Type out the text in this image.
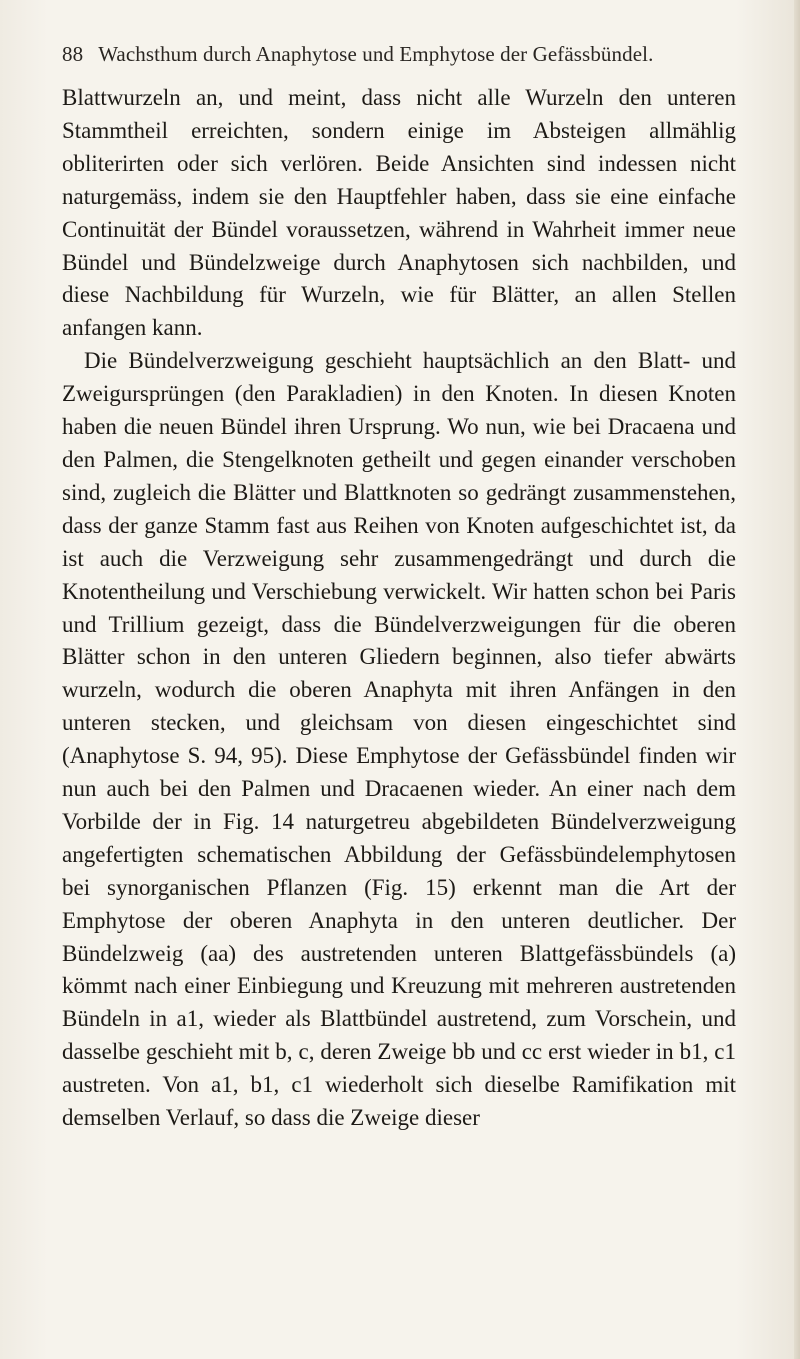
88 Wachsthum durch Anaphytose und Emphytose der Gefässbündel.

Blattwurzeln an, und meint, dass nicht alle Wurzeln den unteren Stammtheil erreichten, sondern einige im Absteigen allmählig obliterirten oder sich verlören. Beide Ansichten sind indessen nicht naturgemäss, indem sie den Hauptfehler haben, dass sie eine einfache Continuität der Bündel voraussetzen, während in Wahrheit immer neue Bündel und Bündelzweige durch Anaphytosen sich nachbilden, und diese Nachbildung für Wurzeln, wie für Blätter, an allen Stellen anfangen kann.

Die Bündelverzweigung geschieht hauptsächlich an den Blatt- und Zweigursprüngen (den Parakladien) in den Knoten. In diesen Knoten haben die neuen Bündel ihren Ursprung. Wo nun, wie bei Dracaena und den Palmen, die Stengelknoten getheilt und gegen einander verschoben sind, zugleich die Blätter und Blattknoten so gedrängt zusammenstehen, dass der ganze Stamm fast aus Reihen von Knoten aufgeschichtet ist, da ist auch die Verzweigung sehr zusammengedrängt und durch die Knotentheilung und Verschiebung verwickelt. Wir hatten schon bei Paris und Trillium gezeigt, dass die Bündelverzweigungen für die oberen Blätter schon in den unteren Gliedern beginnen, also tiefer abwärts wurzeln, wodurch die oberen Anaphyta mit ihren Anfängen in den unteren stecken, und gleichsam von diesen eingeschichtet sind (Anaphytose S. 94, 95). Diese Emphytose der Gefässbündel finden wir nun auch bei den Palmen und Dracaenen wieder. An einer nach dem Vorbilde der in Fig. 14 naturgetreu abgebildeten Bündelverzweigung angefertigten schematischen Abbildung der Gefässbündelemphytosen bei synorganischen Pflanzen (Fig. 15) erkennt man die Art der Emphytose der oberen Anaphyta in den unteren deutlicher. Der Bündelzweig (aa) des austretenden unteren Blattgefässbündels (a) kömmt nach einer Einbiegung und Kreuzung mit mehreren austretenden Bündeln in a1, wieder als Blattbündel austretend, zum Vorschein, und dasselbe geschieht mit b, c, deren Zweige bb und cc erst wieder in b1, c1 austreten. Von a1, b1, c1 wiederholt sich dieselbe Ramifikation mit demselben Verlauf, so dass die Zweige dieser
